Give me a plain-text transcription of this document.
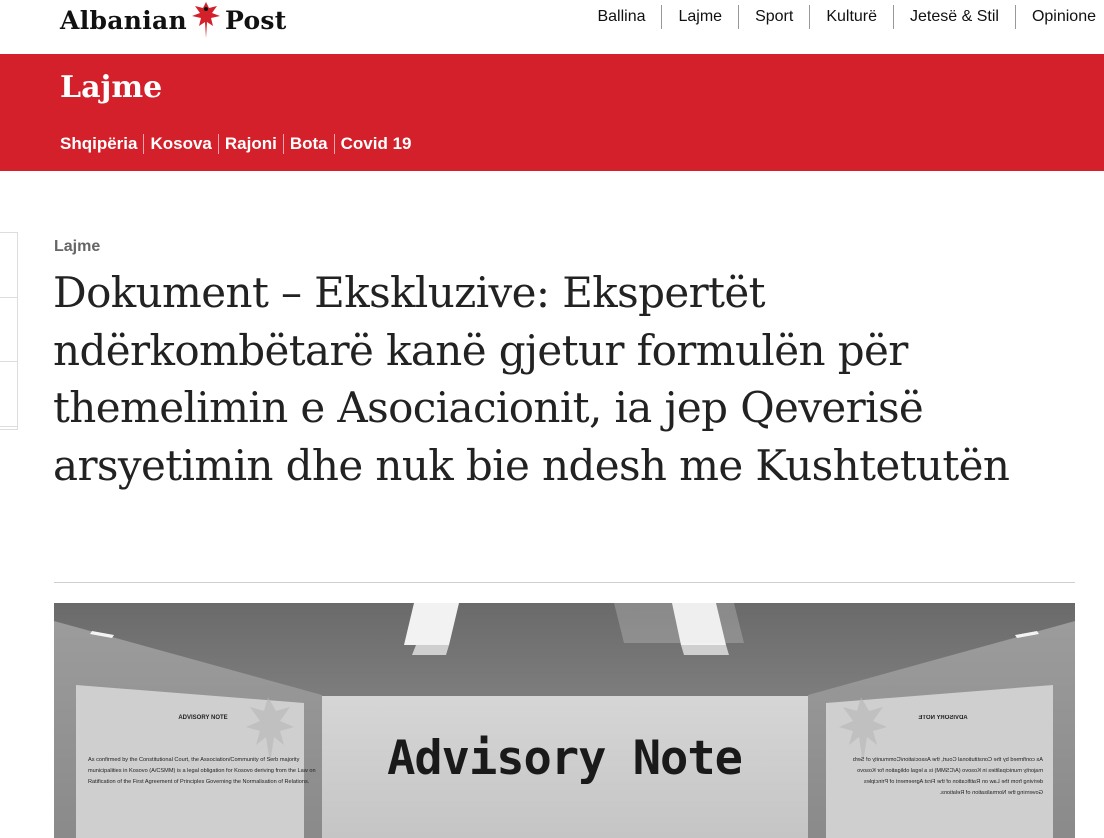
Albanian Post	Ballina	Lajme	Sport	Kulturë	Jetesë & Stil	Opinione
Lajme
Shqipëria Kosova Rajoni Bota Covid 19
Lajme
Dokument – Ekskluzive: Ekspertët ndërkombëtarë kanë gjetur formulën për themelimin e Asociacionit, ia jep Qeverisë arsyetimin dhe nuk bie ndesh me Kushtetutën
ADVISORY NOTE
As confirmed by the Constitutional Court, the Association/Community of Serb majority municipalities in Kosovo (A/CSMM) is a legal obligation for Kosovo deriving from the Law on Ratification of the First Agreement of Principles Governing the Normalisation of Relations.
ADVISORY NOTE
As confirmed by the Constitutional Court, the Association/Community of Serb majority municipalities in Kosovo (A/CSMM) is a legal obligation for Kosovo deriving from the Law on Ratification of the First Agreement of Principles Governing the Normalisation of Relations.
Advisory Note
